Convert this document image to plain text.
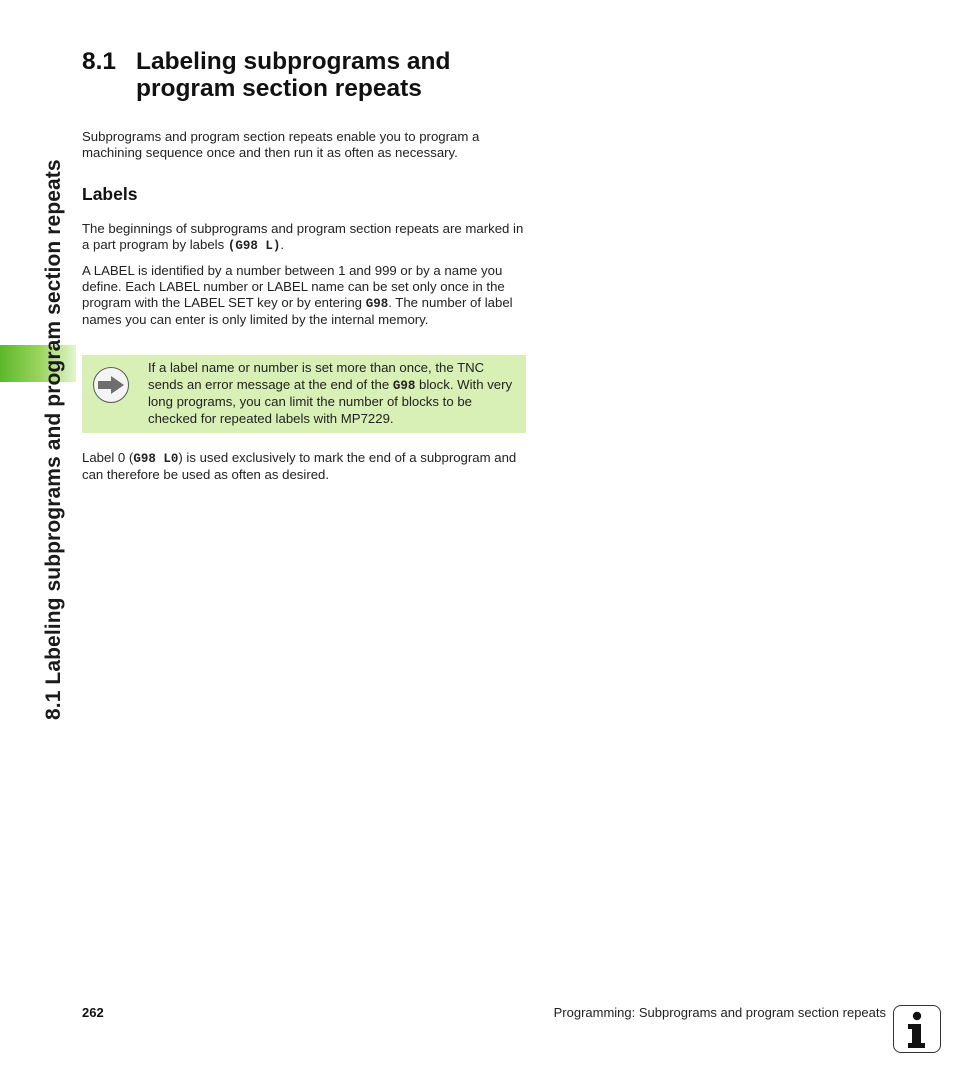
8.1 Labeling subprograms and program section repeats
8.1 Labeling subprograms and
program section repeats

Subprograms and program section repeats enable you to program a machining sequence once and then run it as often as necessary.

Labels

The beginnings of subprograms and program section repeats are marked in a part program by labels (G98 L).

A LABEL is identified by a number between 1 and 999 or by a name you define. Each LABEL number or LABEL name can be set only once in the program with the LABEL SET key or by entering G98. The number of label names you can enter is only limited by the internal memory.

If a label name or number is set more than once, the TNC sends an error message at the end of the G98 block. With very long programs, you can limit the number of blocks to be checked for repeated labels with MP7229.

Label 0 (G98 L0) is used exclusively to mark the end of a subprogram and can therefore be used as often as desired.

262	Programming: Subprograms and program section repeats
